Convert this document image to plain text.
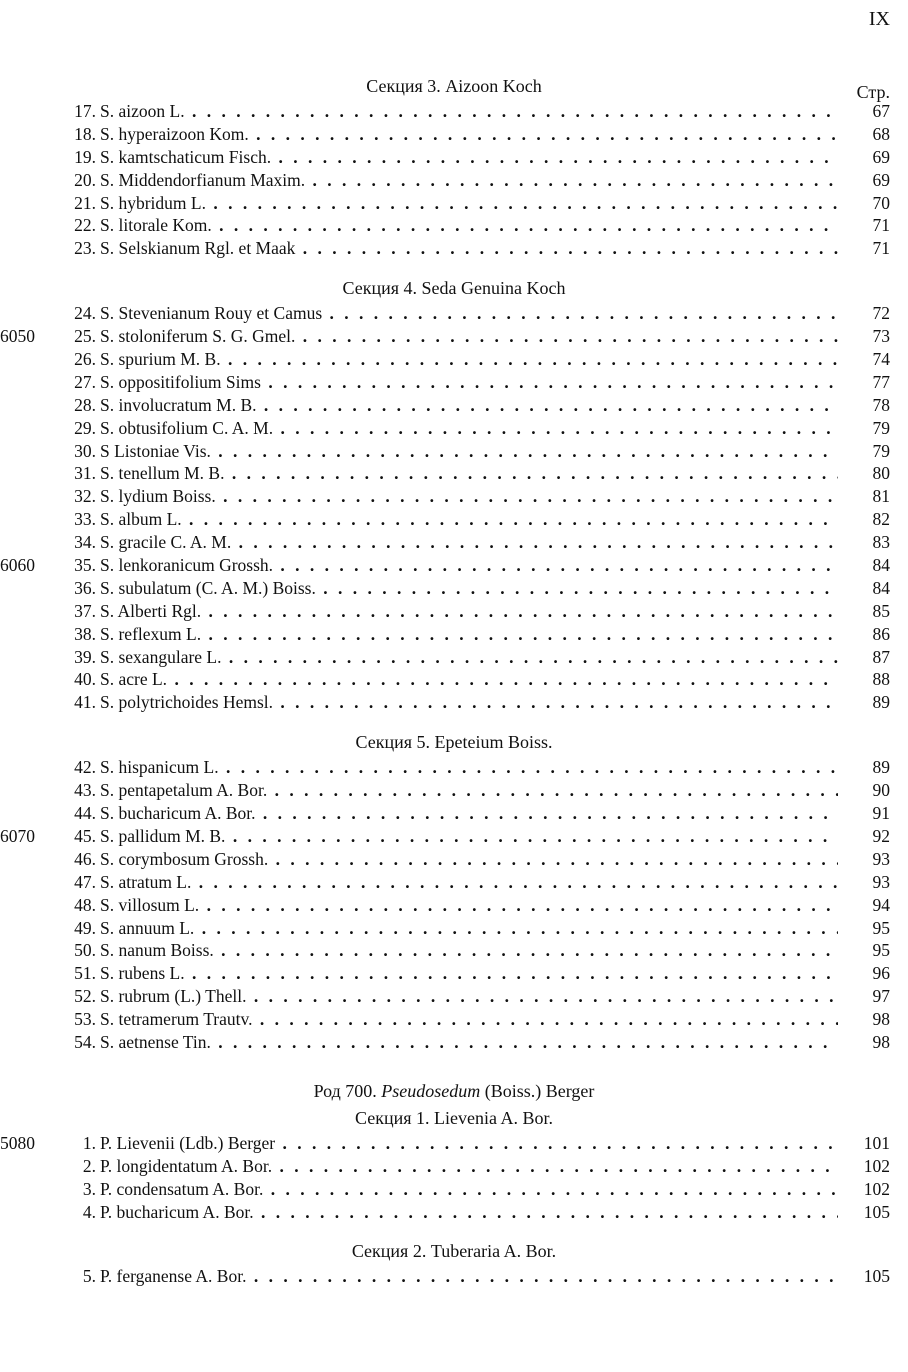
IX
Стр.
Секция 3. Aizoon Koch
17. S. aizoon L. . . .	67
18. S. hyperaizoon Kom. . . .	68
19. S. kamtschaticum Fisch. . . .	69
20. S. Middendorfianum Maxim. . . .	69
21. S. hybridum L. . . .	70
22. S. litorale Kom. . . .	71
23. S. Selskianum Rgl. et Maak . . .	71
Секция 4. Seda Genuina Koch
24. S. Stevenianum Rouy et Camus . . .	72
6050	25. S. stoloniferum S. G. Gmel. . . .	73
26. S. spurium M. B. . . .	74
27. S. oppositifolium Sims . . .	77
28. S. involucratum M. B. . . .	78
29. S. obtusifolium C. A. M. . . .	79
30. S Listoniae Vis. . . .	79
31. S. tenellum M. B. . . .	80
32. S. lydium Boiss. . . .	81
33. S. album L. . . .	82
34. S. gracile C. A. M. . . .	83
6060	35. S. lenkoranicum Grossh. . . .	84
36. S. subulatum (C. A. M.) Boiss. . . .	84
37. S. Alberti Rgl. . . .	85
38. S. reflexum L. . . .	86
39. S. sexangulare L. . . .	87
40. S. acre L. . . .	88
41. S. polytrichoides Hemsl. . . .	89
Секция 5. Epeteium Boiss.
42. S. hispanicum L. . . .	89
43. S. pentapetalum A. Bor. . . .	90
44. S. bucharicum A. Bor. . . .	91
6070	45. S. pallidum M. B. . . .	92
46. S. corymbosum Grossh. . . .	93
47. S. atratum L. . . .	93
48. S. villosum L. . . .	94
49. S. annuum L. . . .	95
50. S. nanum Boiss. . . .	95
51. S. rubens L. . . .	96
52. S. rubrum (L.) Thell. . . .	97
53. S. tetramerum Trautv. . . .	98
54. S. aetnense Tin. . . .	98
Род 700. Pseudosedum (Boiss.) Berger
Секция 1. Lievenia A. Bor.
5080	1. P. Lievenii (Ldb.) Berger . . .	101
2. P. longidentatum A. Bor. . . .	102
3. P. condensatum A. Bor. . . .	102
4. P. bucharicum A. Bor. . . .	105
Секция 2. Tuberaria A. Bor.
5. P. ferganense A. Bor. . . .	105
